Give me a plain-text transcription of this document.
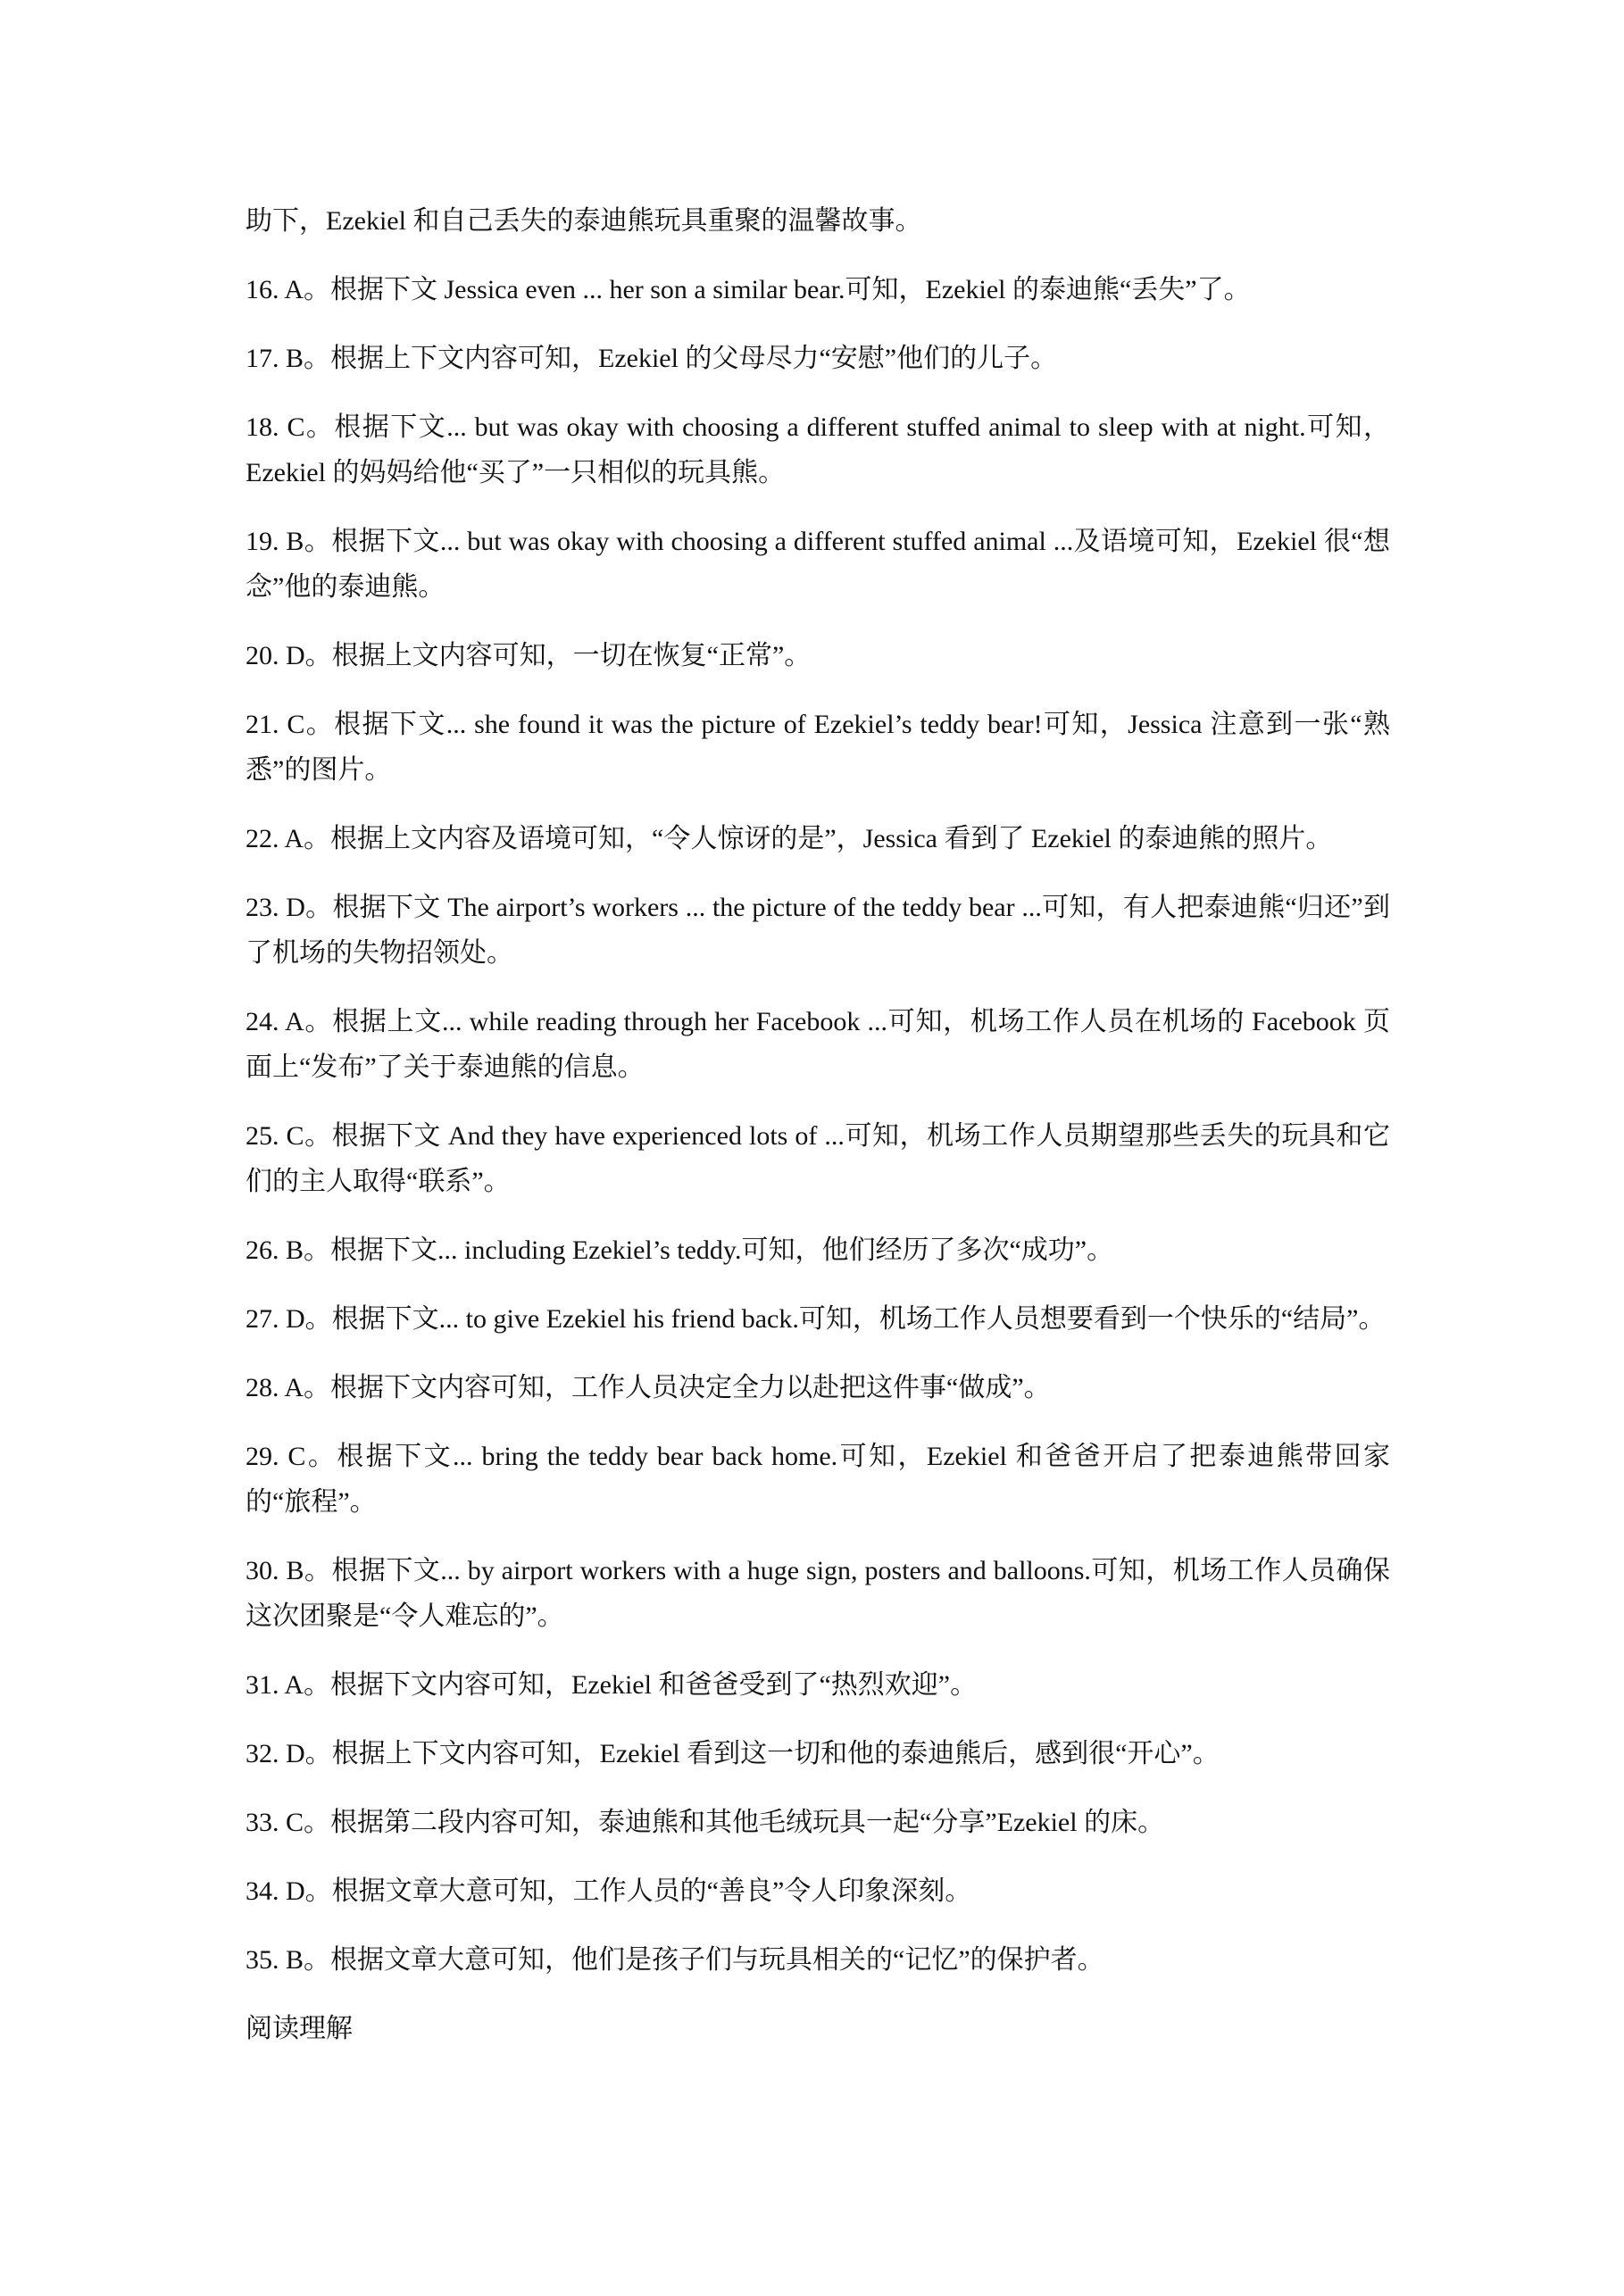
助下，Ezekiel 和自己丢失的泰迪熊玩具重聚的温馨故事。

16. A。根据下文 Jessica even ... her son a similar bear.可知，Ezekiel 的泰迪熊“丢失”了。

17. B。根据上下文内容可知，Ezekiel 的父母尽力“安慰”他们的儿子。

18. C。根据下文... but was okay with choosing a different stuffed animal to sleep with at night.可知，Ezekiel 的妈妈给他“买了”一只相似的玩具熊。

19. B。根据下文... but was okay with choosing a different stuffed animal ...及语境可知，Ezekiel 很“想念”他的泰迪熊。

20. D。根据上文内容可知，一切在恢复“正常”。

21. C。根据下文... she found it was the picture of Ezekiel’s teddy bear!可知，Jessica 注意到一张“熟悉”的图片。

22. A。根据上文内容及语境可知，“令人惊讶的是”，Jessica 看到了 Ezekiel 的泰迪熊的照片。

23. D。根据下文 The airport’s workers ... the picture of the teddy bear ...可知，有人把泰迪熊“归还”到了机场的失物招领处。

24. A。根据上文... while reading through her Facebook ...可知，机场工作人员在机场的 Facebook 页面上“发布”了关于泰迪熊的信息。

25. C。根据下文 And they have experienced lots of ...可知，机场工作人员期望那些丢失的玩具和它们的主人取得“联系”。

26. B。根据下文... including Ezekiel’s teddy.可知，他们经历了多次“成功”。

27. D。根据下文... to give Ezekiel his friend back.可知，机场工作人员想要看到一个快乐的“结局”。

28. A。根据下文内容可知，工作人员决定全力以赴把这件事“做成”。

29. C。根据下文... bring the teddy bear back home.可知，Ezekiel 和爸爸开启了把泰迪熊带回家的“旅程”。

30. B。根据下文... by airport workers with a huge sign, posters and balloons.可知，机场工作人员确保这次团聚是“令人难忘的”。

31. A。根据下文内容可知，Ezekiel 和爸爸受到了“热烈欢迎”。

32. D。根据上下文内容可知，Ezekiel 看到这一切和他的泰迪熊后，感到很“开心”。

33. C。根据第二段内容可知，泰迪熊和其他毛绒玩具一起“分享”Ezekiel 的床。

34. D。根据文章大意可知，工作人员的“善良”令人印象深刻。

35. B。根据文章大意可知，他们是孩子们与玩具相关的“记忆”的保护者。

阅读理解
